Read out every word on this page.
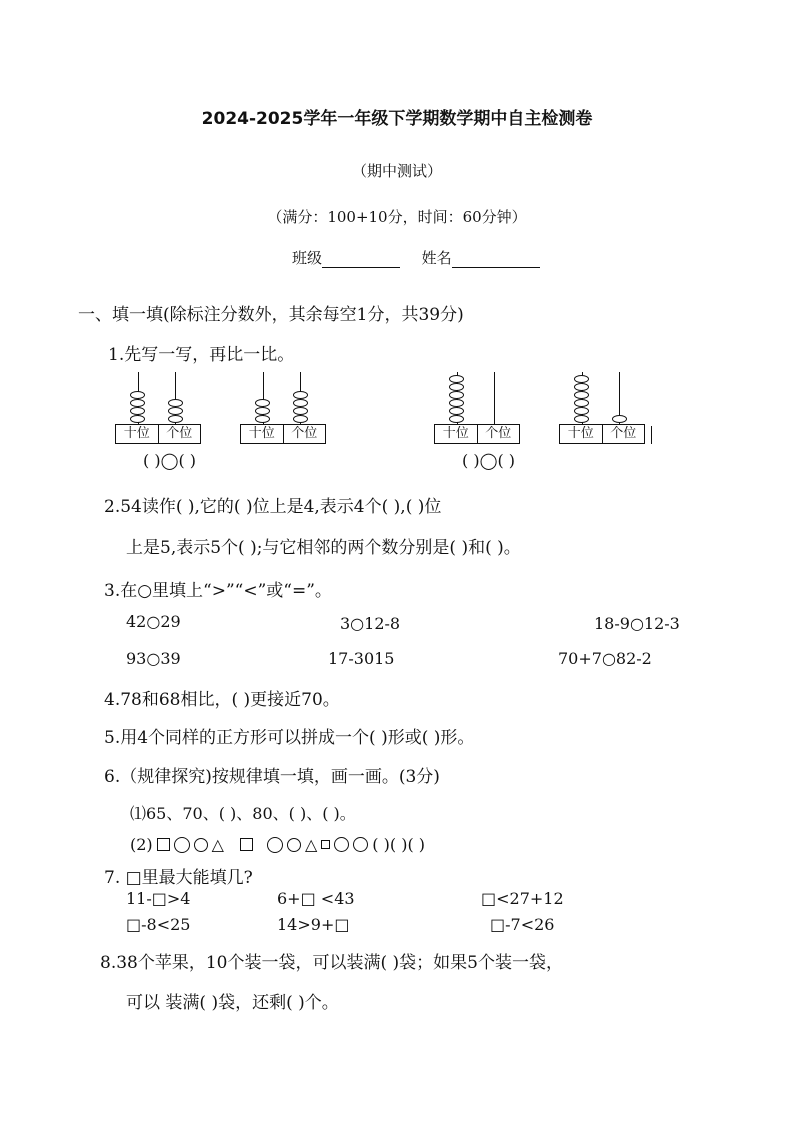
2024-2025学年一年级下学期数学期中自主检测卷
（期中测试）
（满分：100+10分，时间：60分钟）
班级	姓名
一、填一填(除标注分数外，其余每空1分，共39分)
1.先写一写，再比一比。
十位	个位	十位	个位	十位	个位	十位	个位
( )◯( )	( )◯( )
2.54读作( ),它的( )位上是4,表示4个( ),( )位
上是5,表示5个( );与它相邻的两个数分别是( )和( )。
3.在○里填上“>”“<”或“=”。
42○29	3○12-8	18-9○12-3
93○39	17-3015	70+7○82-2
4.78和68相比，( )更接近70。
5.用4个同样的正方形可以拼成一个( )形或( )形。
6.（规律探究)按规律填一填，画一画。(3分)
⑴65、70、( )、80、( )、( )。
(2)	△	△	( )( )( )
7. □里最大能填几?
11-□>4	6+□ <43	□<27+12
□-8<25	14>9+□	□-7<26
8.38个苹果，10个装一袋，可以装满( )袋；如果5个装一袋，
可以 装满( )袋，还剩( )个。
